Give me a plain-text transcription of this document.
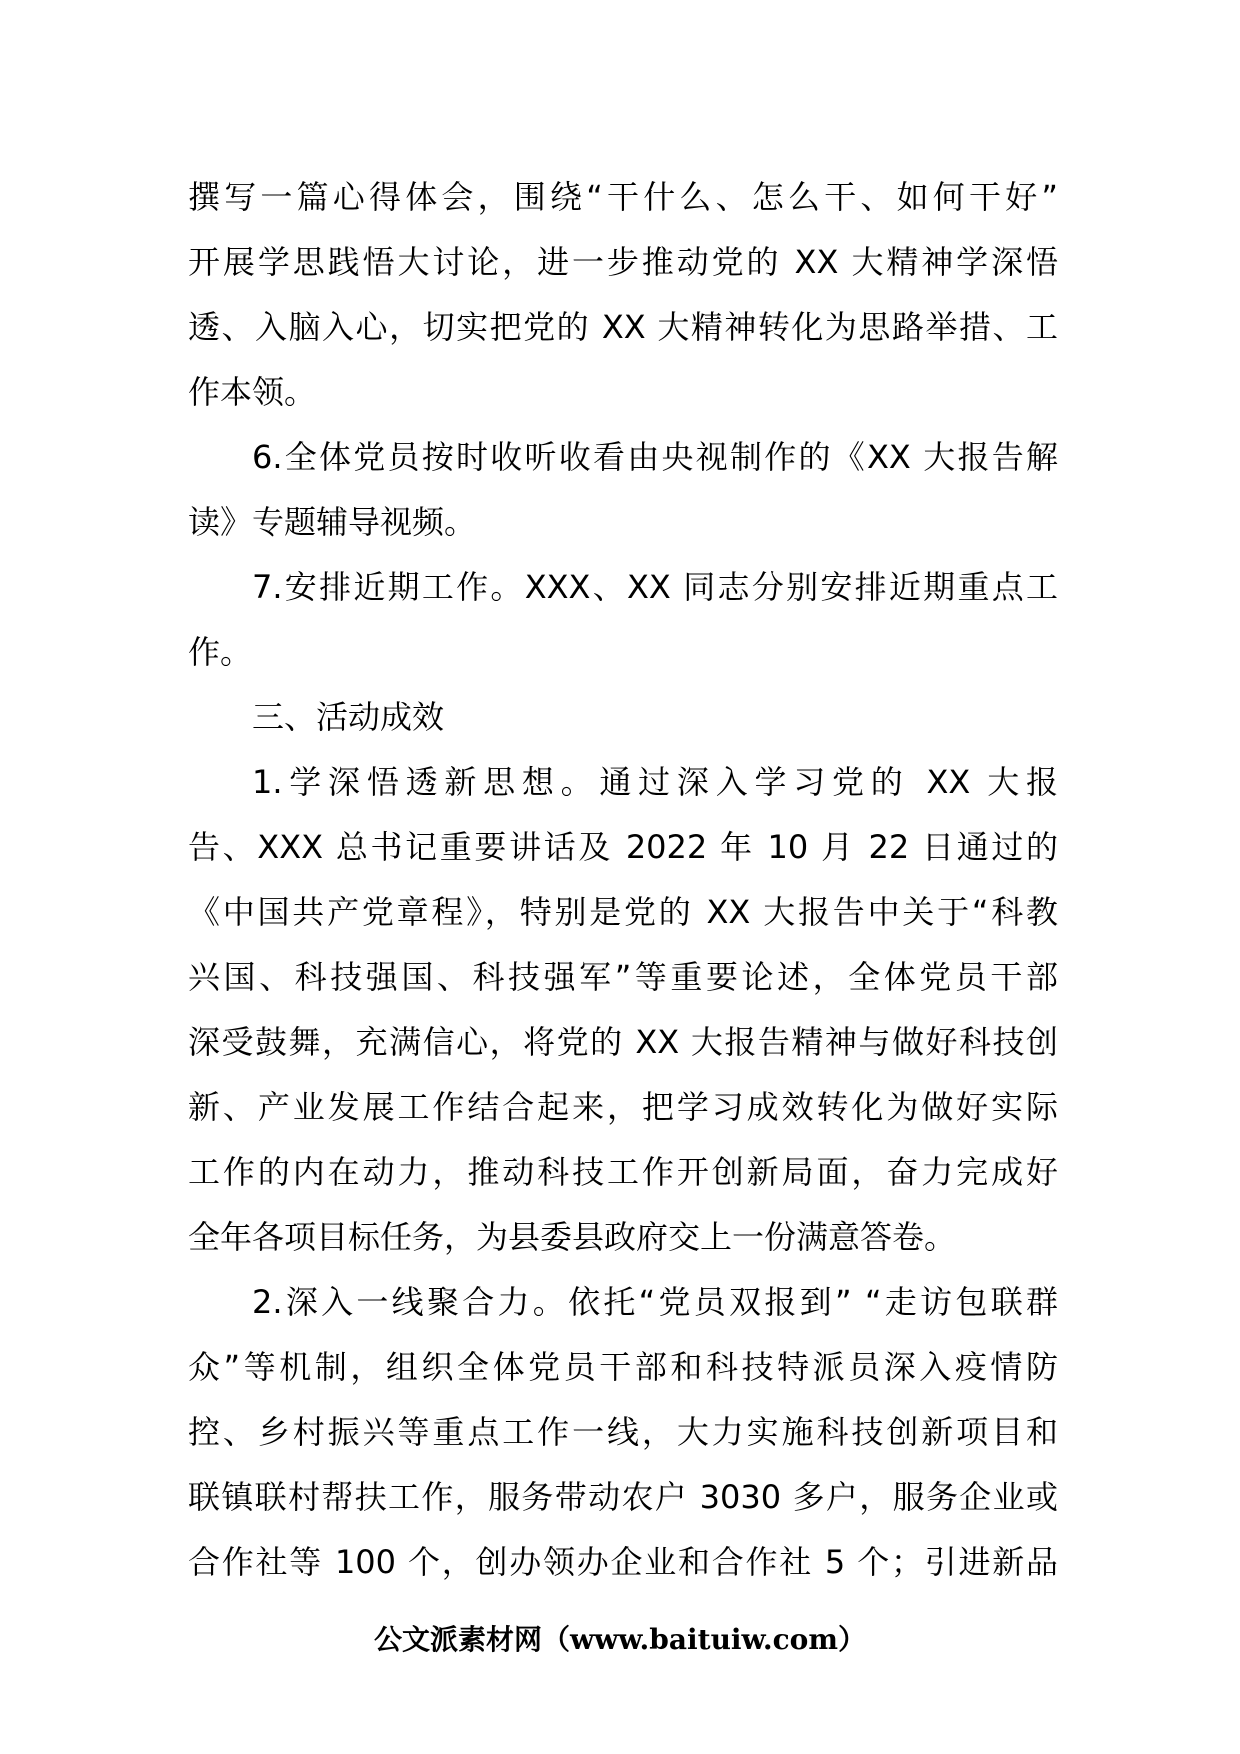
撰写一篇心得体会，围绕“干什么、怎么干、如何干好”
开展学思践悟大讨论，进一步推动党的 XX 大精神学深悟
透、入脑入心，切实把党的 XX 大精神转化为思路举措、工
作本领。
6.全体党员按时收听收看由央视制作的《XX 大报告解
读》专题辅导视频。
7.安排近期工作。XXX、XX 同志分别安排近期重点工
作。
三、活动成效
1.学深悟透新思想。通过深入学习党的 XX 大报
告、XXX 总书记重要讲话及 2022 年 10 月 22 日通过的
《中国共产党章程》，特别是党的 XX 大报告中关于“科教
兴国、科技强国、科技强军”等重要论述，全体党员干部
深受鼓舞，充满信心，将党的 XX 大报告精神与做好科技创
新、产业发展工作结合起来，把学习成效转化为做好实际
工作的内在动力，推动科技工作开创新局面，奋力完成好
全年各项目标任务，为县委县政府交上一份满意答卷。
2.深入一线聚合力。依托“党员双报到” “走访包联群
众”等机制，组织全体党员干部和科技特派员深入疫情防
控、乡村振兴等重点工作一线，大力实施科技创新项目和
联镇联村帮扶工作，服务带动农户 3030 多户，服务企业或
合作社等 100 个，创办领办企业和合作社 5 个；引进新品
公文派素材网（www.baituiw.com）
